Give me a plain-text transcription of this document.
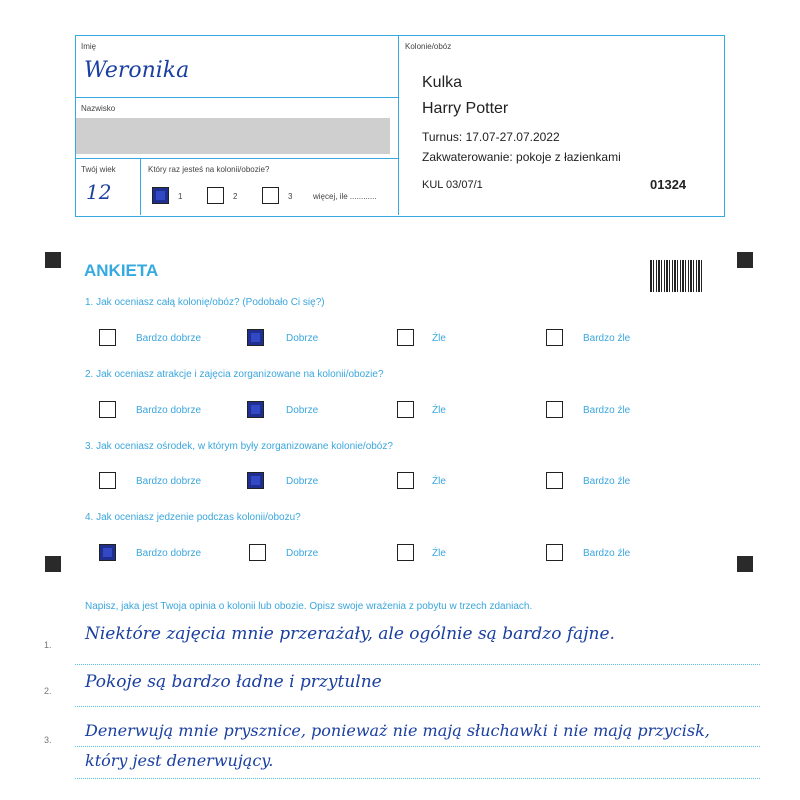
Imię
Weronika
Nazwisko
Twój wiek
12
Który raz jesteś na kolonii/obozie?
1	2	3	więcej, ile ............
Kolonie/obóz
Kulka
Harry Potter
Turnus: 17.07-27.07.2022
Zakwaterowanie: pokoje z łazienkami
KUL 03/07/1	01324
ANKIETA
1. Jak oceniasz całą kolonię/obóz? (Podobało Ci się?)
Bardzo dobrze	Dobrze	Źle	Bardzo źle
2. Jak oceniasz atrakcje i zajęcia zorganizowane na kolonii/obozie?
Bardzo dobrze	Dobrze	Źle	Bardzo źle
3. Jak oceniasz ośrodek, w którym były zorganizowane kolonie/obóz?
Bardzo dobrze	Dobrze	Źle	Bardzo źle
4. Jak oceniasz jedzenie podczas kolonii/obozu?
Bardzo dobrze	Dobrze	Źle	Bardzo źle
Napisz, jaka jest Twoja opinia o kolonii lub obozie. Opisz swoje wrażenia z pobytu w trzech zdaniach.
1.
Niektóre zajęcia mnie przerażały, ale ogólnie są bardzo fajne.
2. Pokoje są bardzo ładne i przytulne
3. Denerwują mnie prysznice, ponieważ nie mają słuchawki i nie mają przycisk, który jest denerwujący.
